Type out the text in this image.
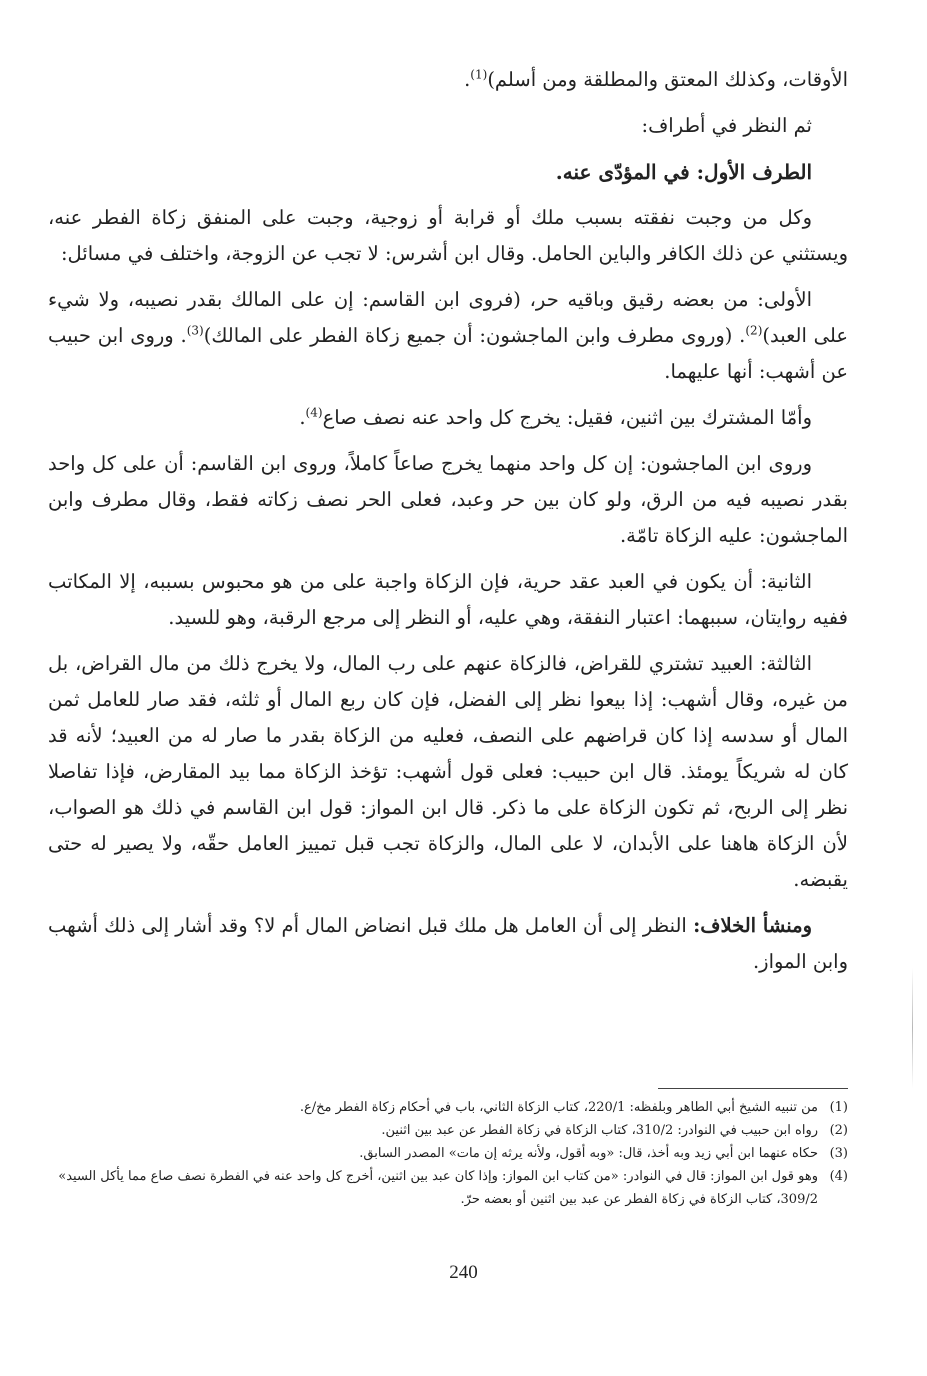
الأوقات، وكذلك المعتق والمطلقة ومن أسلم)$^{(1)}$.

ثم النظر في أطراف:

الطرف الأول: في المؤدّى عنه.

وكل من وجبت نفقته بسبب ملك أو قرابة أو زوجية، وجبت على المنفق زكاة الفطر عنه، ويستثني عن ذلك الكافر والباين الحامل. وقال ابن أشرس: لا تجب عن الزوجة، واختلف في مسائل:

الأولى: من بعضه رقيق وباقيه حر، (فروى ابن القاسم: إن على المالك بقدر نصيبه، ولا شيء على العبد)$^{(2)}$. (وروى مطرف وابن الماجشون: أن جميع زكاة الفطر على المالك)$^{(3)}$. وروى ابن حبيب عن أشهب: أنها عليهما.

وأمّا المشترك بين اثنين، فقيل: يخرج كل واحد عنه نصف صاع$^{(4)}$.

وروى ابن الماجشون: إن كل واحد منهما يخرج صاعاً كاملاً، وروى ابن القاسم: أن على كل واحد بقدر نصيبه فيه من الرق، ولو كان بين حر وعبد، فعلى الحر نصف زكاته فقط، وقال مطرف وابن الماجشون: عليه الزكاة تامّة.

الثانية: أن يكون في العبد عقد حرية، فإن الزكاة واجبة على من هو محبوس بسببه، إلا المكاتب ففيه روايتان، سببهما: اعتبار النفقة، وهي عليه، أو النظر إلى مرجع الرقبة، وهو للسيد.

الثالثة: العبيد تشتري للقراض، فالزكاة عنهم على رب المال، ولا يخرج ذلك من مال القراض، بل من غيره، وقال أشهب: إذا بيعوا نظر إلى الفضل، فإن كان ربع المال أو ثلثه، فقد صار للعامل ثمن المال أو سدسه إذا كان قراضهم على النصف، فعليه من الزكاة بقدر ما صار له من العبيد؛ لأنه قد كان له شريكاً يومئذ. قال ابن حبيب: فعلى قول أشهب: تؤخذ الزكاة مما بيد المقارض، فإذا تفاصلا نظر إلى الربح، ثم تكون الزكاة على ما ذكر. قال ابن المواز: قول ابن القاسم في ذلك هو الصواب، لأن الزكاة هاهنا على الأبدان، لا على المال، والزكاة تجب قبل تمييز العامل حقّه، ولا يصير له حتى يقبضه.

ومنشأ الخلاف: النظر إلى أن العامل هل ملك قبل انضاض المال أم لا؟ وقد أشار إلى ذلك أشهب وابن المواز.

(1)
من تنبيه الشيخ أبي الطاهر وبلفظه: 220/1، كتاب الزكاة الثاني، باب في أحكام زكاة الفطر مخ/ع.
(2)
رواه ابن حبيب في النوادر: 310/2، كتاب الزكاة في زكاة الفطر عن عبد بين اثنين.
(3)
حكاه عنهما ابن أبي زيد وبه أخذ، قال: «وبه أقول، ولأنه يرثه إن مات» المصدر السابق.
(4)
وهو قول ابن المواز: قال في النوادر: «من كتاب ابن المواز: وإذا كان عبد بين اثنين، أخرج كل واحد عنه في الفطرة نصف صاع مما يأكل السيد» 309/2، كتاب الزكاة في زكاة الفطر عن عبد بين اثنين أو بعضه حرّ.
240
